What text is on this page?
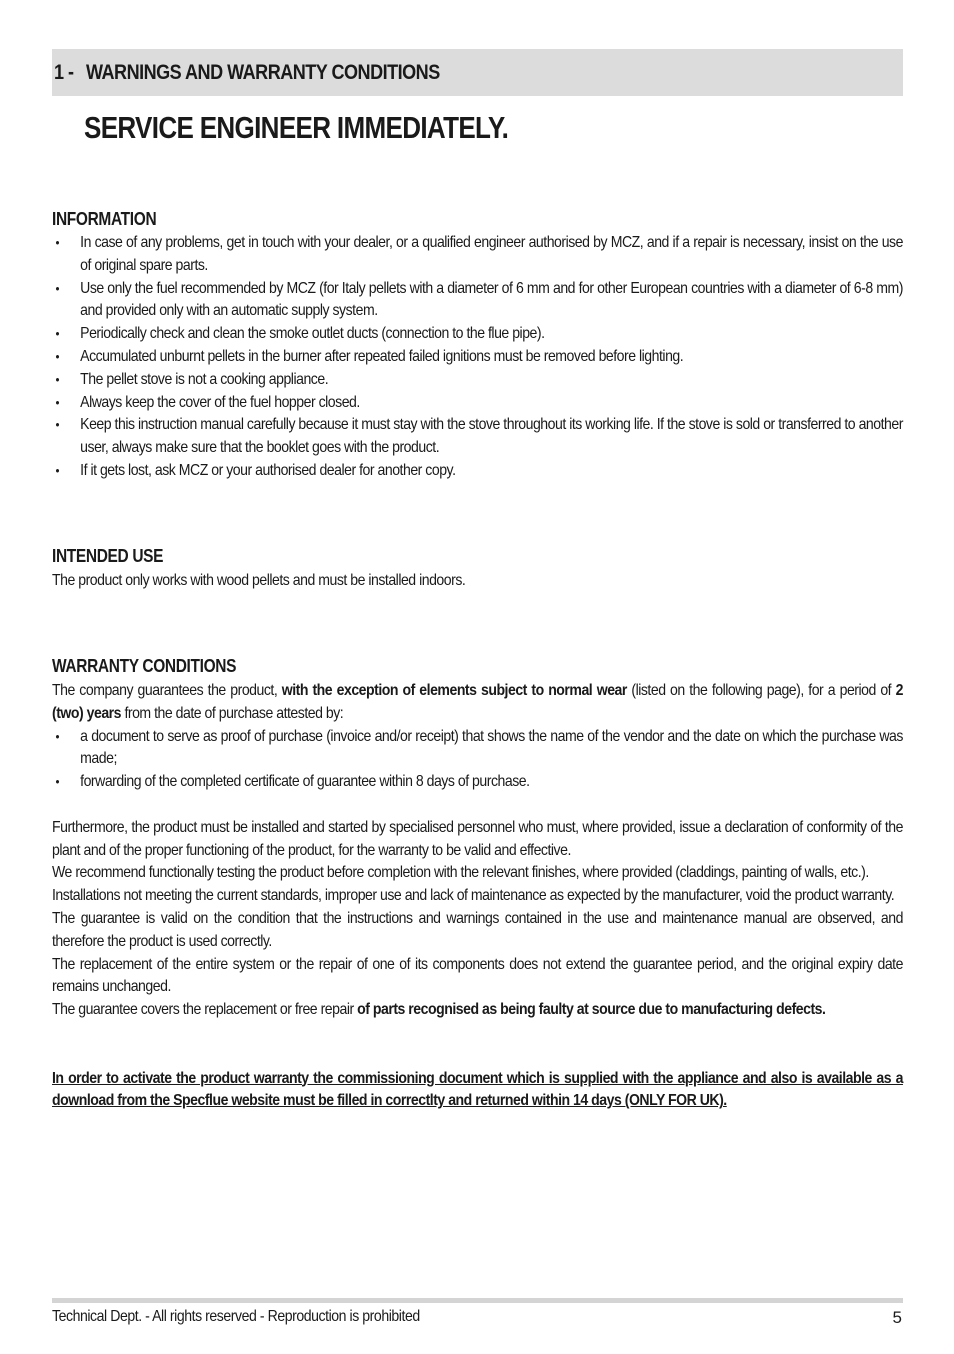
1 - WARNINGS AND WARRANTY CONDITIONS
SERVICE ENGINEER IMMEDIATELY.
INFORMATION
• In case of any problems, get in touch with your dealer, or a qualified engineer authorised by MCZ, and if a repair is necessary, insist on the use of original spare parts.
• Use only the fuel recommended by MCZ (for Italy pellets with a diameter of 6 mm and for other European countries with a diameter of 6-8 mm) and provided only with an automatic supply system.
• Periodically check and clean the smoke outlet ducts (connection to the flue pipe).
• Accumulated unburnt pellets in the burner after repeated failed ignitions must be removed before lighting.
• The pellet stove is not a cooking appliance.
• Always keep the cover of the fuel hopper closed.
• Keep this instruction manual carefully because it must stay with the stove throughout its working life. If the stove is sold or transferred to another user, always make sure that the booklet goes with the product.
• If it gets lost, ask MCZ or your authorised dealer for another copy.
INTENDED USE
The product only works with wood pellets and must be installed indoors.
WARRANTY CONDITIONS
The company guarantees the product, with the exception of elements subject to normal wear (listed on the following page), for a period of 2 (two) years from the date of purchase attested by:
• a document to serve as proof of purchase (invoice and/or receipt) that shows the name of the vendor and the date on which the purchase was made;
• forwarding of the completed certificate of guarantee within 8 days of purchase.
Furthermore, the product must be installed and started by specialised personnel who must, where provided, issue a declaration of conformity of the plant and of the proper functioning of the product, for the warranty to be valid and effective.
We recommend functionally testing the product before completion with the relevant finishes, where provided (claddings, painting of walls, etc.).
Installations not meeting the current standards, improper use and lack of maintenance as expected by the manufacturer, void the product warranty.
The guarantee is valid on the condition that the instructions and warnings contained in the use and maintenance manual are observed, and therefore the product is used correctly.
The replacement of the entire system or the repair of one of its components does not extend the guarantee period, and the original expiry date remains unchanged.
The guarantee covers the replacement or free repair of parts recognised as being faulty at source due to manufacturing defects.
In order to activate the product warranty the commissioning document which is supplied with the appliance and also is available as a download from the Specflue website must be filled in correctlty and returned within 14 days (ONLY FOR UK).
Technical Dept. - All rights reserved - Reproduction is prohibited	5
